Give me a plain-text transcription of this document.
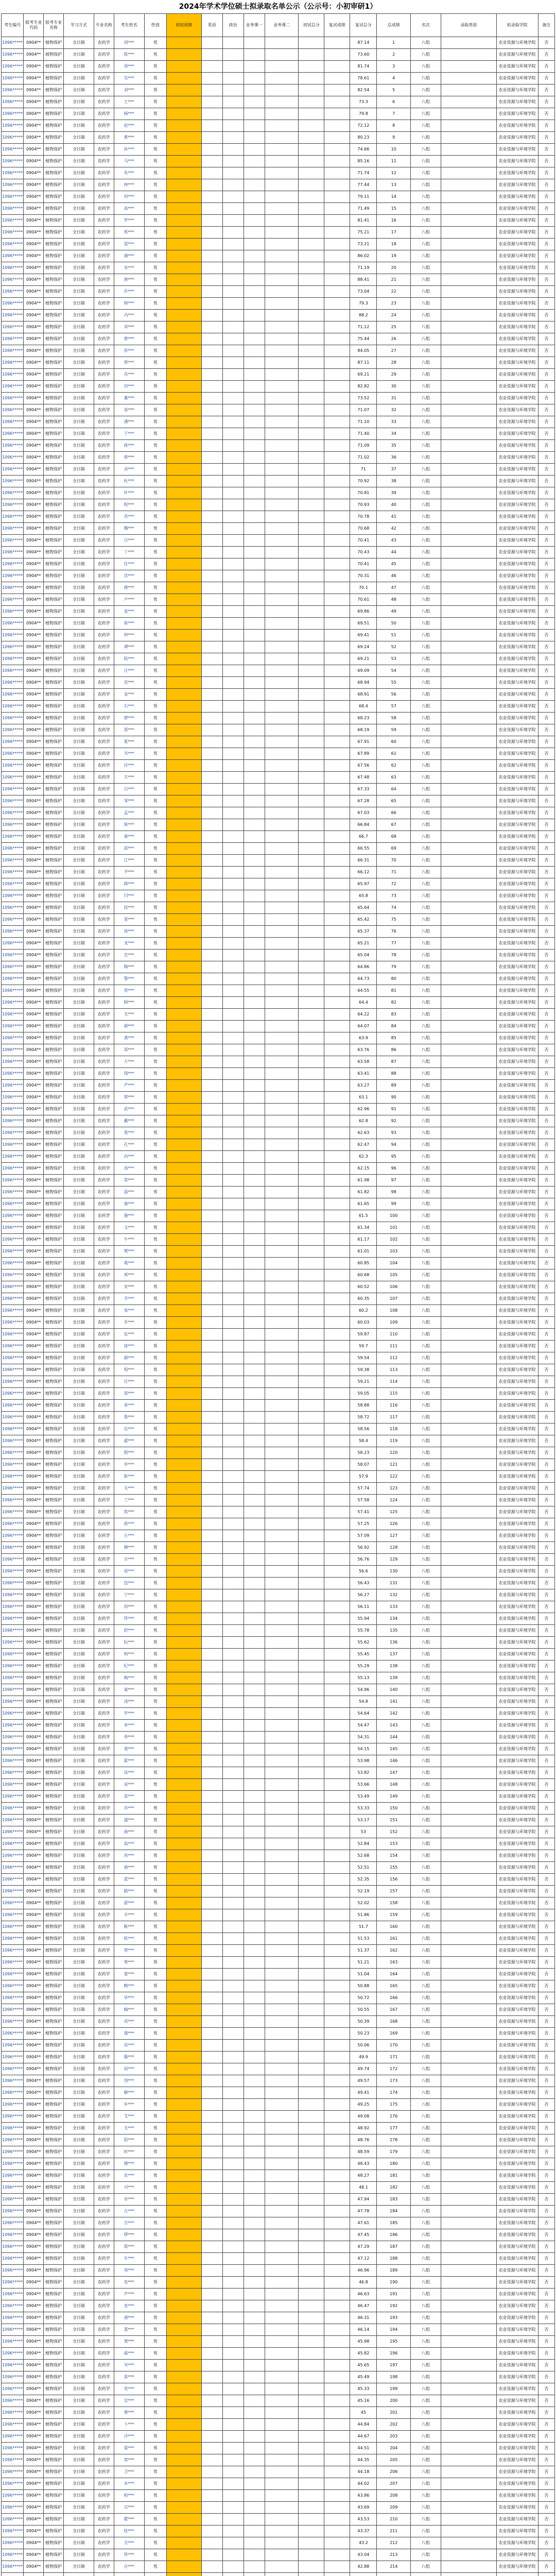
2024年学术学位硕士拟录取名单公示（公示号：小初审研1）
考生编号	报考专业代码	报考专业名称	学习方式	专业名称	考生姓名	性别	初试成绩	英语	政治	业务课一	业务课二	初试总分	复试成绩	复试总分	总成绩	名次	录取类别	拟录取学院	备注
1096*****	0904**	植物保护	全日制	农药学	胡***	男								87.14	1	八组		农业资源与环境学院	否
1096*****	0904**	植物保护	全日制	农药学	陈***	男								73.60	2	八组		农业资源与环境学院	否
1096*****	0904**	植物保护	全日制	农药学	周***	男								81.74	3	八组		农业资源与环境学院	否
1096*****	0904**	植物保护	全日制	农药学	吴***	男								78.61	4	八组		农业资源与环境学院	否
1096*****	0904**	植物保护	全日制	农药学	刘***	男								82.54	5	八组		农业资源与环境学院	否
1096*****	0904**	植物保护	全日制	农药学	王***	男								73.3	6	八组		农业资源与环境学院	否
1096*****	0904**	植物保护	全日制	农药学	杨***	男								79.8	7	八组		农业资源与环境学院	否
1096*****	0904**	植物保护	全日制	农药学	赵***	男								72.12	8	八组		农业资源与环境学院	否
1096*****	0904**	植物保护	全日制	农药学	黄***	男								80.23	9	八组		农业资源与环境学院	否
1096*****	0904**	植物保护	全日制	农药学	孙***	男								74.66	10	八组		农业资源与环境学院	否
1096*****	0904**	植物保护	全日制	农药学	马***	男								85.16	11	八组		农业资源与环境学院	否
1096*****	0904**	植物保护	全日制	农药学	朱***	男								71.74	12	八组		农业资源与环境学院	否
1096*****	0904**	植物保护	全日制	农药学	林***	男								77.44	13	八组		农业资源与环境学院	否
1096*****	0904**	植物保护	全日制	农药学	何***	男								79.11	14	八组		农业资源与环境学院	否
1096*****	0904**	植物保护	全日制	农药学	高***	男								71.49	15	八组		农业资源与环境学院	否
1096*****	0904**	植物保护	全日制	农药学	罗***	男								81.41	16	八组		农业资源与环境学院	否
1096*****	0904**	植物保护	全日制	农药学	郑***	男								75.21	17	八组		农业资源与环境学院	否
1096*****	0904**	植物保护	全日制	农药学	梁***	男								73.21	18	八组		农业资源与环境学院	否
1096*****	0904**	植物保护	全日制	农药学	谢***	男								86.02	19	八组		农业资源与环境学院	否
1096*****	0904**	植物保护	全日制	农药学	宋***	男								71.19	20	八组		农业资源与环境学院	否
1096*****	0904**	植物保护	全日制	农药学	唐***	男								88.41	21	八组		农业资源与环境学院	否
1096*****	0904**	植物保护	全日制	农药学	许***	男								73.04	22	八组		农业资源与环境学院	否
1096*****	0904**	植物保护	全日制	农药学	韩***	男								79.3	23	八组		农业资源与环境学院	否
1096*****	0904**	植物保护	全日制	农药学	冯***	男								88.2	24	八组		农业资源与环境学院	否
1096*****	0904**	植物保护	全日制	农药学	邓***	男								71.12	25	八组		农业资源与环境学院	否
1096*****	0904**	植物保护	全日制	农药学	曹***	男								75.44	26	八组		农业资源与环境学院	否
1096*****	0904**	植物保护	全日制	农药学	彭***	男								84.05	27	八组		农业资源与环境学院	否
1096*****	0904**	植物保护	全日制	农药学	曾***	男								87.11	28	八组		农业资源与环境学院	否
1096*****	0904**	植物保护	全日制	农药学	肖***	男								69.21	29	八组		农业资源与环境学院	否
1096*****	0904**	植物保护	全日制	农药学	田***	男								82.82	30	八组		农业资源与环境学院	否
1096*****	0904**	植物保护	全日制	农药学	董***	男								73.52	31	八组		农业资源与环境学院	否
1096*****	0904**	植物保护	全日制	农药学	袁***	男								71.07	32	八组		农业资源与环境学院	否
1096*****	0904**	植物保护	全日制	农药学	潘***	男								71.10	33	八组		农业资源与环境学院	否
1096*****	0904**	植物保护	全日制	农药学	于***	男								71.40	34	八组		农业资源与环境学院	否
1096*****	0904**	植物保护	全日制	农药学	蒋***	男								71.09	35	八组		农业资源与环境学院	否
1096*****	0904**	植物保护	全日制	农药学	蔡***	男								71.02	36	八组		农业资源与环境学院	否
1096*****	0904**	植物保护	全日制	农药学	余***	男								71	37	八组		农业资源与环境学院	否
1096*****	0904**	植物保护	全日制	农药学	杜***	男								70.92	38	八组		农业资源与环境学院	否
1096*****	0904**	植物保护	全日制	农药学	叶***	男								70.81	39	八组		农业资源与环境学院	否
1096*****	0904**	植物保护	全日制	农药学	程***	男								70.93	40	八组		农业资源与环境学院	否
1096*****	0904**	植物保护	全日制	农药学	苏***	男								70.78	41	八组		农业资源与环境学院	否
1096*****	0904**	植物保护	全日制	农药学	魏***	男								70.68	42	八组		农业资源与环境学院	否
1096*****	0904**	植物保护	全日制	农药学	吕***	男								70.41	43	八组		农业资源与环境学院	否
1096*****	0904**	植物保护	全日制	农药学	丁***	男								70.43	44	八组		农业资源与环境学院	否
1096*****	0904**	植物保护	全日制	农药学	任***	男								70.41	45	八组		农业资源与环境学院	否
1096*****	0904**	植物保护	全日制	农药学	沈***	男								70.31	46	八组		农业资源与环境学院	否
1096*****	0904**	植物保护	全日制	农药学	姚***	男								70.1	47	八组		农业资源与环境学院	否
1096*****	0904**	植物保护	全日制	农药学	卢***	男								70.61	48	八组		农业资源与环境学院	否
1096*****	0904**	植物保护	全日制	农药学	姜***	男								69.86	49	八组		农业资源与环境学院	否
1096*****	0904**	植物保护	全日制	农药学	崔***	男								69.51	50	八组		农业资源与环境学院	否
1096*****	0904**	植物保护	全日制	农药学	钟***	男								69.41	51	八组		农业资源与环境学院	否
1096*****	0904**	植物保护	全日制	农药学	谭***	男								69.24	52	八组		农业资源与环境学院	否
1096*****	0904**	植物保护	全日制	农药学	陆***	男								69.21	53	八组		农业资源与环境学院	否
1096*****	0904**	植物保护	全日制	农药学	汪***	男								69.09	54	八组		农业资源与环境学院	否
1096*****	0904**	植物保护	全日制	农药学	范***	男								68.94	55	八组		农业资源与环境学院	否
1096*****	0904**	植物保护	全日制	农药学	金***	男								68.91	56	八组		农业资源与环境学院	否
1096*****	0904**	植物保护	全日制	农药学	石***	男								68.4	57	八组		农业资源与环境学院	否
1096*****	0904**	植物保护	全日制	农药学	廖***	男								68.23	58	八组		农业资源与环境学院	否
1096*****	0904**	植物保护	全日制	农药学	贾***	男								68.19	59	八组		农业资源与环境学院	否
1096*****	0904**	植物保护	全日制	农药学	夏***	男								67.91	60	八组		农业资源与环境学院	否
1096*****	0904**	植物保护	全日制	农药学	韦***	男								67.89	61	八组		农业资源与环境学院	否
1096*****	0904**	植物保护	全日制	农药学	付***	男								67.56	62	八组		农业资源与环境学院	否
1096*****	0904**	植物保护	全日制	农药学	方***	男								67.48	63	八组		农业资源与环境学院	否
1096*****	0904**	植物保护	全日制	农药学	白***	男								67.33	64	八组		农业资源与环境学院	否
1096*****	0904**	植物保护	全日制	农药学	邹***	男								67.28	65	八组		农业资源与环境学院	否
1096*****	0904**	植物保护	全日制	农药学	孟***	男								67.03	66	八组		农业资源与环境学院	否
1096*****	0904**	植物保护	全日制	农药学	熊***	男								66.84	67	八组		农业资源与环境学院	否
1096*****	0904**	植物保护	全日制	农药学	秦***	男								66.7	68	八组		农业资源与环境学院	否
1096*****	0904**	植物保护	全日制	农药学	邱***	男								66.55	69	八组		农业资源与环境学院	否
1096*****	0904**	植物保护	全日制	农药学	江***	男								66.31	70	八组		农业资源与环境学院	否
1096*****	0904**	植物保护	全日制	农药学	尹***	男								66.12	71	八组		农业资源与环境学院	否
1096*****	0904**	植物保护	全日制	农药学	薛***	男								65.97	72	八组		农业资源与环境学院	否
1096*****	0904**	植物保护	全日制	农药学	闫***	男								65.8	73	八组		农业资源与环境学院	否
1096*****	0904**	植物保护	全日制	农药学	段***	男								65.64	74	八组		农业资源与环境学院	否
1096*****	0904**	植物保护	全日制	农药学	雷***	男								65.42	75	八组		农业资源与环境学院	否
1096*****	0904**	植物保护	全日制	农药学	侯***	男								65.37	76	八组		农业资源与环境学院	否
1096*****	0904**	植物保护	全日制	农药学	龙***	男								65.21	77	八组		农业资源与环境学院	否
1096*****	0904**	植物保护	全日制	农药学	史***	男								65.04	78	八组		农业资源与环境学院	否
1096*****	0904**	植物保护	全日制	农药学	陶***	男								64.86	79	八组		农业资源与环境学院	否
1096*****	0904**	植物保护	全日制	农药学	黎***	男								64.73	80	八组		农业资源与环境学院	否
1096*****	0904**	植物保护	全日制	农药学	贺***	男								64.55	81	八组		农业资源与环境学院	否
1096*****	0904**	植物保护	全日制	农药学	顾***	男								64.4	82	八组		农业资源与环境学院	否
1096*****	0904**	植物保护	全日制	农药学	毛***	男								64.22	83	八组		农业资源与环境学院	否
1096*****	0904**	植物保护	全日制	农药学	郝***	男								64.07	84	八组		农业资源与环境学院	否
1096*****	0904**	植物保护	全日制	农药学	龚***	男								63.9	85	八组		农业资源与环境学院	否
1096*****	0904**	植物保护	全日制	农药学	邵***	男								63.76	86	八组		农业资源与环境学院	否
1096*****	0904**	植物保护	全日制	农药学	万***	男								63.58	87	八组		农业资源与环境学院	否
1096*****	0904**	植物保护	全日制	农药学	钱***	男								63.41	88	八组		农业资源与环境学院	否
1096*****	0904**	植物保护	全日制	农药学	严***	男								63.27	89	八组		农业资源与环境学院	否
1096*****	0904**	植物保护	全日制	农药学	覃***	男								63.1	90	八组		农业资源与环境学院	否
1096*****	0904**	植物保护	全日制	农药学	武***	男								62.96	91	八组		农业资源与环境学院	否
1096*****	0904**	植物保护	全日制	农药学	戴***	男								62.8	92	八组		农业资源与环境学院	否
1096*****	0904**	植物保护	全日制	农药学	莫***	男								62.63	93	八组		农业资源与环境学院	否
1096*****	0904**	植物保护	全日制	农药学	孔***	男								62.47	94	八组		农业资源与环境学院	否
1096*****	0904**	植物保护	全日制	农药学	向***	男								62.3	95	八组		农业资源与环境学院	否
1096*****	0904**	植物保护	全日制	农药学	汤***	男								62.15	96	八组		农业资源与环境学院	否
1096*****	0904**	植物保护	全日制	农药学	常***	男								61.98	97	八组		农业资源与环境学院	否
1096*****	0904**	植物保护	全日制	农药学	温***	男								61.82	98	八组		农业资源与环境学院	否
1096*****	0904**	植物保护	全日制	农药学	康***	男								61.65	99	八组		农业资源与环境学院	否
1096*****	0904**	植物保护	全日制	农药学	施***	男								61.5	100	八组		农业资源与环境学院	否
1096*****	0904**	植物保护	全日制	农药学	文***	男								61.34	101	八组		农业资源与环境学院	否
1096*****	0904**	植物保护	全日制	农药学	牛***	男								61.17	102	八组		农业资源与环境学院	否
1096*****	0904**	植物保护	全日制	农药学	樊***	男								61.01	103	八组		农业资源与环境学院	否
1096*****	0904**	植物保护	全日制	农药学	葛***	男								60.85	104	八组		农业资源与环境学院	否
1096*****	0904**	植物保护	全日制	农药学	邢***	男								60.68	105	八组		农业资源与环境学院	否
1096*****	0904**	植物保护	全日制	农药学	安***	男								60.52	106	八组		农业资源与环境学院	否
1096*****	0904**	植物保护	全日制	农药学	齐***	男								60.35	107	八组		农业资源与环境学院	否
1096*****	0904**	植物保护	全日制	农药学	易***	男								60.2	108	八组		农业资源与环境学院	否
1096*****	0904**	植物保护	全日制	农药学	乔***	男								60.03	109	八组		农业资源与环境学院	否
1096*****	0904**	植物保护	全日制	农药学	伍***	男								59.87	110	八组		农业资源与环境学院	否
1096*****	0904**	植物保护	全日制	农药学	庞***	男								59.7	111	八组		农业资源与环境学院	否
1096*****	0904**	植物保护	全日制	农药学	颜***	男								59.54	112	八组		农业资源与环境学院	否
1096*****	0904**	植物保护	全日制	农药学	倪***	男								59.38	113	八组		农业资源与环境学院	否
1096*****	0904**	植物保护	全日制	农药学	庄***	男								59.21	114	八组		农业资源与环境学院	否
1096*****	0904**	植物保护	全日制	农药学	聂***	男								59.05	115	八组		农业资源与环境学院	否
1096*****	0904**	植物保护	全日制	农药学	章***	男								58.88	116	八组		农业资源与环境学院	否
1096*****	0904**	植物保护	全日制	农药学	鲁***	男								58.72	117	八组		农业资源与环境学院	否
1096*****	0904**	植物保护	全日制	农药学	岳***	男								58.56	118	八组		农业资源与环境学院	否
1096*****	0904**	植物保护	全日制	农药学	翟***	男								58.4	119	八组		农业资源与环境学院	否
1096*****	0904**	植物保护	全日制	农药学	殷***	男								58.23	120	八组		农业资源与环境学院	否
1096*****	0904**	植物保护	全日制	农药学	申***	男								58.07	121	八组		农业资源与环境学院	否
1096*****	0904**	植物保护	全日制	农药学	耿***	男								57.9	122	八组		农业资源与环境学院	否
1096*****	0904**	植物保护	全日制	农药学	关***	男								57.74	123	八组		农业资源与环境学院	否
1096*****	0904**	植物保护	全日制	农药学	兰***	男								57.58	124	八组		农业资源与环境学院	否
1096*****	0904**	植物保护	全日制	农药学	焦***	男								57.41	125	八组		农业资源与环境学院	否
1096*****	0904**	植物保护	全日制	农药学	俞***	男								57.25	126	八组		农业资源与环境学院	否
1096*****	0904**	植物保护	全日制	农药学	左***	男								57.09	127	八组		农业资源与环境学院	否
1096*****	0904**	植物保护	全日制	农药学	柳***	男								56.92	128	八组		农业资源与环境学院	否
1096*****	0904**	植物保护	全日制	农药学	甘***	男								56.76	129	八组		农业资源与环境学院	否
1096*****	0904**	植物保护	全日制	农药学	祝***	男								56.6	130	八组		农业资源与环境学院	否
1096*****	0904**	植物保护	全日制	农药学	包***	男								56.43	131	八组		农业资源与环境学院	否
1096*****	0904**	植物保护	全日制	农药学	宁***	男								56.27	132	八组		农业资源与环境学院	否
1096*****	0904**	植物保护	全日制	农药学	尚***	男								56.11	133	八组		农业资源与环境学院	否
1096*****	0904**	植物保护	全日制	农药学	符***	男								55.94	134	八组		农业资源与环境学院	否
1096*****	0904**	植物保护	全日制	农药学	舒***	男								55.78	135	八组		农业资源与环境学院	否
1096*****	0904**	植物保护	全日制	农药学	阮***	男								55.62	136	八组		农业资源与环境学院	否
1096*****	0904**	植物保护	全日制	农药学	柯***	男								55.45	137	八组		农业资源与环境学院	否
1096*****	0904**	植物保护	全日制	农药学	纪***	男								55.29	138	八组		农业资源与环境学院	否
1096*****	0904**	植物保护	全日制	农药学	梅***	男								55.13	139	八组		农业资源与环境学院	否
1096*****	0904**	植物保护	全日制	农药学	童***	男								54.96	140	八组		农业资源与环境学院	否
1096*****	0904**	植物保护	全日制	农药学	凌***	男								54.8	141	八组		农业资源与环境学院	否
1096*****	0904**	植物保护	全日制	农药学	毕***	男								54.64	142	八组		农业资源与环境学院	否
1096*****	0904**	植物保护	全日制	农药学	单***	男								54.47	143	八组		农业资源与环境学院	否
1096*****	0904**	植物保护	全日制	农药学	季***	男								54.31	144	八组		农业资源与环境学院	否
1096*****	0904**	植物保护	全日制	农药学	裴***	男								54.15	145	八组		农业资源与环境学院	否
1096*****	0904**	植物保护	全日制	农药学	霍***	男								53.98	146	八组		农业资源与环境学院	否
1096*****	0904**	植物保护	全日制	农药学	涂***	男								53.82	147	八组		农业资源与环境学院	否
1096*****	0904**	植物保护	全日制	农药学	成***	男								53.66	148	八组		农业资源与环境学院	否
1096*****	0904**	植物保护	全日制	农药学	苗***	男								53.49	149	八组		农业资源与环境学院	否
1096*****	0904**	植物保护	全日制	农药学	谷***	男								53.33	150	八组		农业资源与环境学院	否
1096*****	0904**	植物保护	全日制	农药学	盛***	男								53.17	151	八组		农业资源与环境学院	否
1096*****	0904**	植物保护	全日制	农药学	曲***	男								53	152	八组		农业资源与环境学院	否
1096*****	0904**	植物保护	全日制	农药学	翁***	男								52.84	153	八组		农业资源与环境学院	否
1096*****	0904**	植物保护	全日制	农药学	冉***	男								52.68	154	八组		农业资源与环境学院	否
1096*****	0904**	植物保护	全日制	农药学	骆***	男								52.51	155	八组		农业资源与环境学院	否
1096*****	0904**	植物保护	全日制	农药学	蓝***	男								52.35	156	八组		农业资源与环境学院	否
1096*****	0904**	植物保护	全日制	农药学	路***	男								52.19	157	八组		农业资源与环境学院	否
1096*****	0904**	植物保护	全日制	农药学	游***	男								52.02	158	八组		农业资源与环境学院	否
1096*****	0904**	植物保护	全日制	农药学	辛***	男								51.86	159	八组		农业资源与环境学院	否
1096*****	0904**	植物保护	全日制	农药学	靳***	男								51.7	160	八组		农业资源与环境学院	否
1096*****	0904**	植物保护	全日制	农药学	欧***	男								51.53	161	八组		农业资源与环境学院	否
1096*****	0904**	植物保护	全日制	农药学	管***	男								51.37	162	八组		农业资源与环境学院	否
1096*****	0904**	植物保护	全日制	农药学	柴***	男								51.21	163	八组		农业资源与环境学院	否
1096*****	0904**	植物保护	全日制	农药学	蒙***	男								51.04	164	八组		农业资源与环境学院	否
1096*****	0904**	植物保护	全日制	农药学	鲍***	男								50.88	165	八组		农业资源与环境学院	否
1096*****	0904**	植物保护	全日制	农药学	华***	男								50.72	166	八组		农业资源与环境学院	否
1096*****	0904**	植物保护	全日制	农药学	喻***	男								50.55	167	八组		农业资源与环境学院	否
1096*****	0904**	植物保护	全日制	农药学	祁***	男								50.39	168	八组		农业资源与环境学院	否
1096*****	0904**	植物保护	全日制	农药学	蒲***	男								50.23	169	八组		农业资源与环境学院	否
1096*****	0904**	植物保护	全日制	农药学	房***	男								50.06	170	八组		农业资源与环境学院	否
1096*****	0904**	植物保护	全日制	农药学	滕***	男								49.9	171	八组		农业资源与环境学院	否
1096*****	0904**	植物保护	全日制	农药学	屈***	男								49.74	172	八组		农业资源与环境学院	否
1096*****	0904**	植物保护	全日制	农药学	饶***	男								49.57	173	八组		农业资源与环境学院	否
1096*****	0904**	植物保护	全日制	农药学	解***	男								49.41	174	八组		农业资源与环境学院	否
1096*****	0904**	植物保护	全日制	农药学	牟***	男								49.25	175	八组		农业资源与环境学院	否
1096*****	0904**	植物保护	全日制	农药学	艾***	男								49.08	176	八组		农业资源与环境学院	否
1096*****	0904**	植物保护	全日制	农药学	尤***	男								48.92	177	八组		农业资源与环境学院	否
1096*****	0904**	植物保护	全日制	农药学	阳***	男								48.76	178	八组		农业资源与环境学院	否
1096*****	0904**	植物保护	全日制	农药学	时***	男								48.59	179	八组		农业资源与环境学院	否
1096*****	0904**	植物保护	全日制	农药学	穆***	男								48.43	180	八组		农业资源与环境学院	否
1096*****	0904**	植物保护	全日制	农药学	农***	男								48.27	181	八组		农业资源与环境学院	否
1096*****	0904**	植物保护	全日制	农药学	司***	男								48.1	182	八组		农业资源与环境学院	否
1096*****	0904**	植物保护	全日制	农药学	卓***	男								47.94	183	八组		农业资源与环境学院	否
1096*****	0904**	植物保护	全日制	农药学	古***	男								47.78	184	八组		农业资源与环境学院	否
1096*****	0904**	植物保护	全日制	农药学	吉***	男								47.61	185	八组		农业资源与环境学院	否
1096*****	0904**	植物保护	全日制	农药学	缪***	男								47.45	186	八组		农业资源与环境学院	否
1096*****	0904**	植物保护	全日制	农药学	简***	男								47.29	187	八组		农业资源与环境学院	否
1096*****	0904**	植物保护	全日制	农药学	车***	男								47.12	188	八组		农业资源与环境学院	否
1096*****	0904**	植物保护	全日制	农药学	项***	男								46.96	189	八组		农业资源与环境学院	否
1096*****	0904**	植物保护	全日制	农药学	连***	男								46.8	190	八组		农业资源与环境学院	否
1096*****	0904**	植物保护	全日制	农药学	芦***	男								46.63	191	八组		农业资源与环境学院	否
1096*****	0904**	植物保护	全日制	农药学	麦***	男								46.47	192	八组		农业资源与环境学院	否
1096*****	0904**	植物保护	全日制	农药学	褚***	男								46.31	193	八组		农业资源与环境学院	否
1096*****	0904**	植物保护	全日制	农药学	娄***	男								46.14	194	八组		农业资源与环境学院	否
1096*****	0904**	植物保护	全日制	农药学	窦***	男								45.98	195	八组		农业资源与环境学院	否
1096*****	0904**	植物保护	全日制	农药学	戚***	男								45.82	196	八组		农业资源与环境学院	否
1096*****	0904**	植物保护	全日制	农药学	岑***	男								45.65	197	八组		农业资源与环境学院	否
1096*****	0904**	植物保护	全日制	农药学	景***	男								45.49	198	八组		农业资源与环境学院	否
1096*****	0904**	植物保护	全日制	农药学	党***	男								45.33	199	八组		农业资源与环境学院	否
1096*****	0904**	植物保护	全日制	农药学	宫***	男								45.16	200	八组		农业资源与环境学院	否
1096*****	0904**	植物保护	全日制	农药学	费***	男								45	201	八组		农业资源与环境学院	否
1096*****	0904**	植物保护	全日制	农药学	卜***	男								44.84	202	八组		农业资源与环境学院	否
1096*****	0904**	植物保护	全日制	农药学	冷***	男								44.67	203	八组		农业资源与环境学院	否
1096*****	0904**	植物保护	全日制	农药学	晏***	男								44.51	204	八组		农业资源与环境学院	否
1096*****	0904**	植物保护	全日制	农药学	席***	男								44.35	205	八组		农业资源与环境学院	否
1096*****	0904**	植物保护	全日制	农药学	卫***	男								44.18	206	八组		农业资源与环境学院	否
1096*****	0904**	植物保护	全日制	农药学	米***	男								44.02	207	八组		农业资源与环境学院	否
1096*****	0904**	植物保护	全日制	农药学	柏***	男								43.86	208	八组		农业资源与环境学院	否
1096*****	0904**	植物保护	全日制	农药学	宗***	男								43.69	209	八组		农业资源与环境学院	否
1096*****	0904**	植物保护	全日制	农药学	瞿***	男								43.53	210	八组		农业资源与环境学院	否
1096*****	0904**	植物保护	全日制	农药学	桂***	男								43.37	211	八组		农业资源与环境学院	否
1096*****	0904**	植物保护	全日制	农药学	全***	男								43.2	212	八组		农业资源与环境学院	否
1096*****	0904**	植物保护	全日制	农药学	佟***	男								43.04	213	八组		农业资源与环境学院	否
1096*****	0904**	植物保护	全日制	农药学	应***	男								42.88	214	八组		农业资源与环境学院	否
